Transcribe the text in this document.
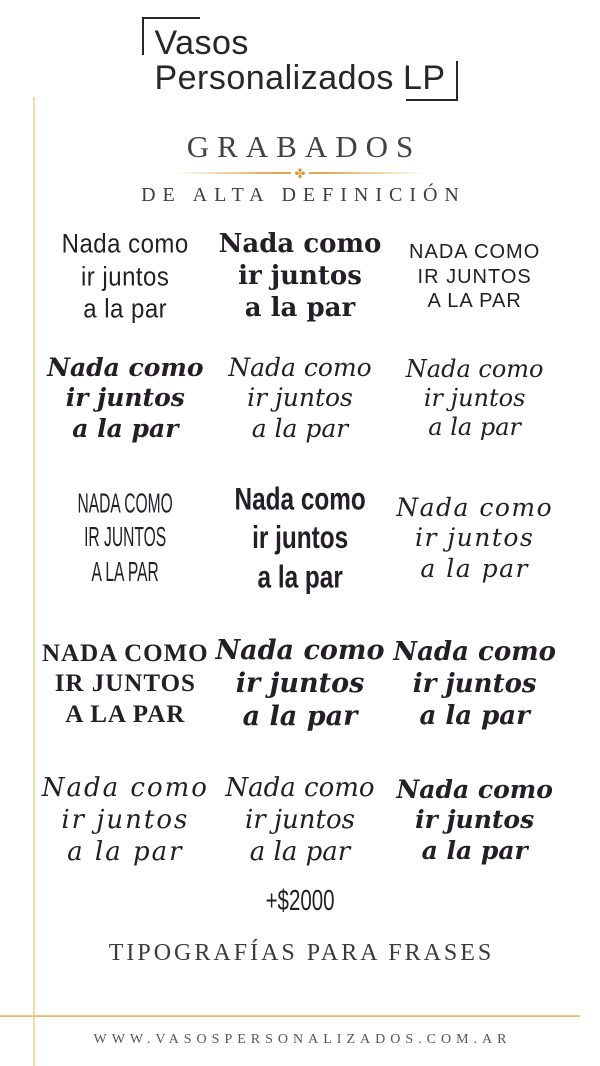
Vasos
Personalizados LP
GRABADOS
✤
DE ALTA DEFINICIÓN
Nada como
ir juntos
a la par
Nada como
ir juntos
a la par
NADA COMO
IR JUNTOS
A LA PAR
Nada como
ir juntos
a la par
Nada como
ir juntos
a la par
Nada como
ir juntos
a la par
NADA COMO
IR JUNTOS
A LA PAR
Nada como
ir juntos
a la par
Nada como
ir juntos
a la par
NADA COMO
IR JUNTOS
A LA PAR
Nada como
ir juntos
a la par
Nada como
ir juntos
a la par
Nada como
ir juntos
a la par
Nada como
ir juntos
a la par
Nada como
ir juntos
a la par
+$2000
TIPOGRAFÍAS PARA FRASES
WWW.VASOSPERSONALIZADOS.COM.AR
